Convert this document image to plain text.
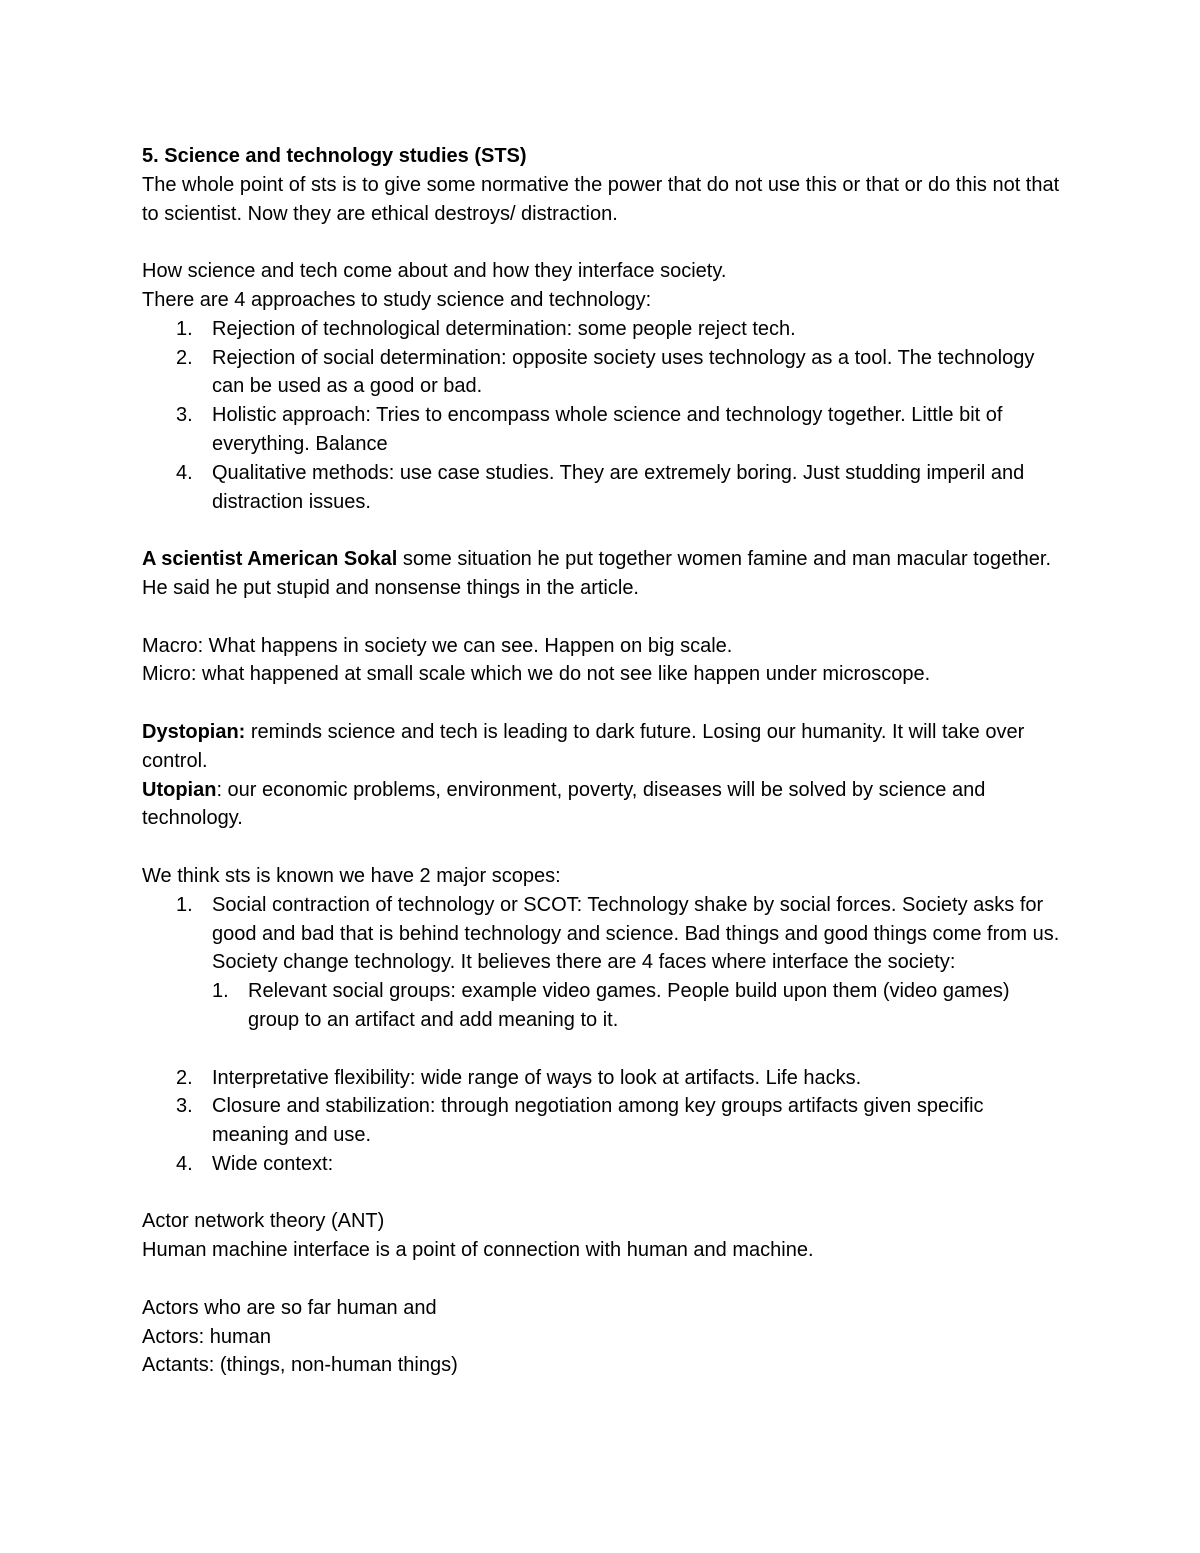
5. Science and technology studies (STS)

The whole point of sts is to give some normative the power that do not use this or that or do this not that to scientist. Now they are ethical destroys/ distraction.

How science and tech come about and how they interface society.

There are 4 approaches to study science and technology:

1. Rejection of technological determination: some people reject tech.
2. Rejection of social determination: opposite society uses technology as a tool. The technology can be used as a good or bad.
3. Holistic approach: Tries to encompass whole science and technology together. Little bit of everything. Balance
4. Qualitative methods: use case studies. They are extremely boring. Just studding imperil and distraction issues.

A scientist American Sokal some situation he put together women famine and man macular together. He said he put stupid and nonsense things in the article.

Macro: What happens in society we can see. Happen on big scale.

Micro: what happened at small scale which we do not see like happen under microscope.

Dystopian: reminds science and tech is leading to dark future. Losing our humanity. It will take over control.

Utopian: our economic problems, environment, poverty, diseases will be solved by science and technology.

We think sts is known we have 2 major scopes:

1. Social contraction of technology or SCOT: Technology shake by social forces. Society asks for good and bad that is behind technology and science. Bad things and good things come from us. Society change technology. It believes there are 4 faces where interface the society:
1. Relevant social groups: example video games. People build upon them (video games) group to an artifact and add meaning to it.
2. Interpretative flexibility: wide range of ways to look at artifacts. Life hacks.
3. Closure and stabilization: through negotiation among key groups artifacts given specific meaning and use.
4. Wide context:

Actor network theory (ANT)

Human machine interface is a point of connection with human and machine.

Actors who are so far human and

Actors: human

Actants: (things, non-human things)
